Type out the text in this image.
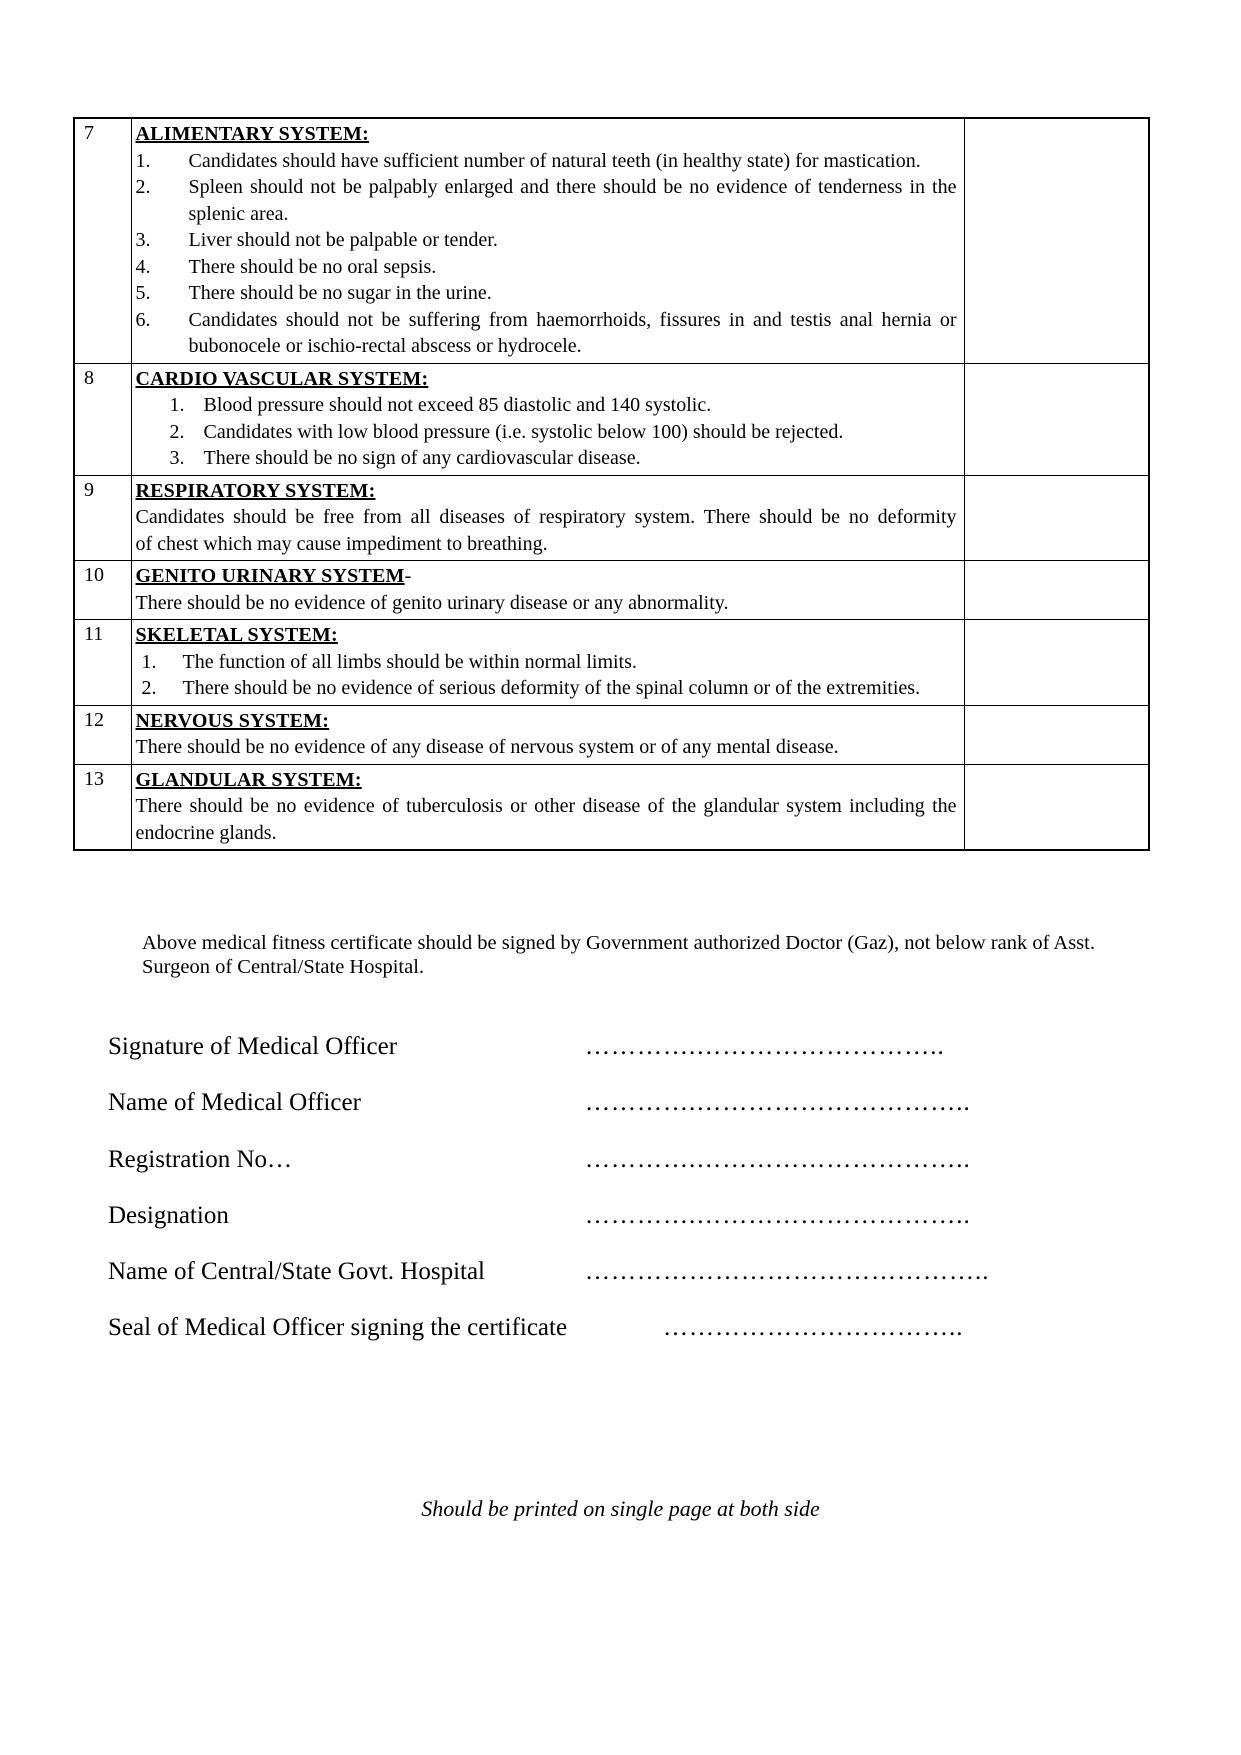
7	ALIMENTARY SYSTEM:
1.	Candidates should have sufficient number of natural teeth (in healthy state) for mastication.
2.	Spleen should not be palpably enlarged and there should be no evidence of tenderness in the
splenic area.
3.	Liver should not be palpable or tender.
4.	There should be no oral sepsis.
5.	There should be no sugar in the urine.
6.	Candidates should not be suffering from haemorrhoids, fissures in and testis anal hernia or
bubonocele or ischio-rectal abscess or hydrocele.

8	CARDIO VASCULAR SYSTEM:
1. Blood pressure should not exceed 85 diastolic and 140 systolic.
2. Candidates with low blood pressure (i.e. systolic below 100) should be rejected.
3. There should be no sign of any cardiovascular disease.

9	RESPIRATORY SYSTEM:
Candidates should be free from all diseases of respiratory system. There should be no deformity
of chest which may cause impediment to breathing.	

10	GENITO URINARY SYSTEM-
There should be no evidence of genito urinary disease or any abnormality.	

11	SKELETAL SYSTEM:
1. The function of all limbs should be within normal limits.
2. There should be no evidence of serious deformity of the spinal column or of the extremities.	

12	NERVOUS SYSTEM:
There should be no evidence of any disease of nervous system or of any mental disease.	

13	GLANDULAR SYSTEM:
There should be no evidence of tuberculosis or other disease of the glandular system including the
endocrine glands.	

Above medical fitness certificate should be signed by Government authorized Doctor (Gaz), not below rank of Asst.
Surgeon of Central/State Hospital.
Signature of Medical Officer	………….………………………..
Name of Medical Officer	………….…………………………..
Registration No…	………….…………………………..
Designation	………….…………………………..
Name of Central/State Govt. Hospital	………………………………………..
Seal of Medical Officer signing the certificate	……………………………..
Should be printed on single page at both side
